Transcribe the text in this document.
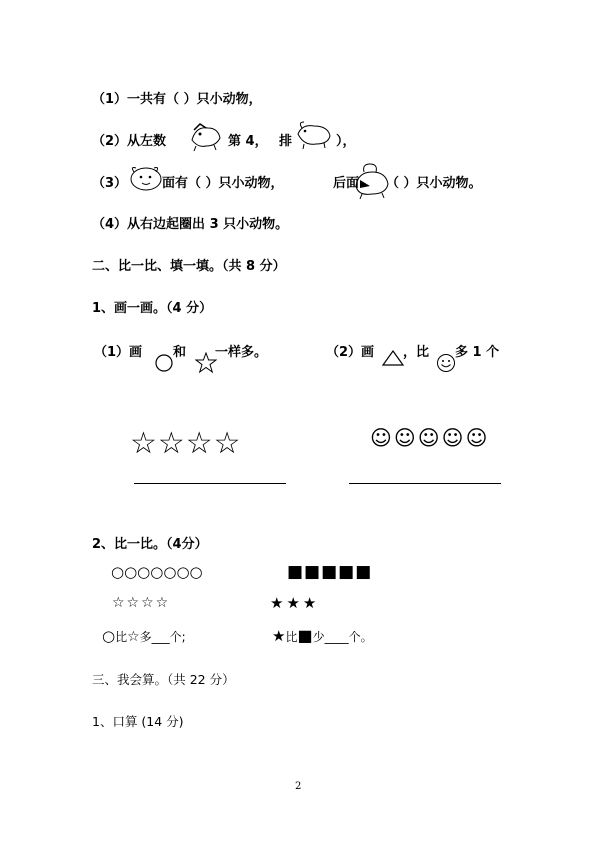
（1）一共有（ ）只小动物，
（2）从左数	第 4， 排	），
（3）	面有（ ）只小动物，	后面 （ ）只小动物。
（4）从右边起圈出 3 只小动物。
二、比一比、填一填。（共 8 分）
1、画一画。（4 分）
（1）画 和 一样多。	（2）画 ，比 多 1 个
☆☆☆☆	☺☺☺☺☺
2、比一比。（4分）
○○○○○○○	■■■■■
☆☆☆☆	★★★
○比☆多___个;	★比■少____个。
三、我会算。（共 22 分）
1、口算 (14 分)
2
